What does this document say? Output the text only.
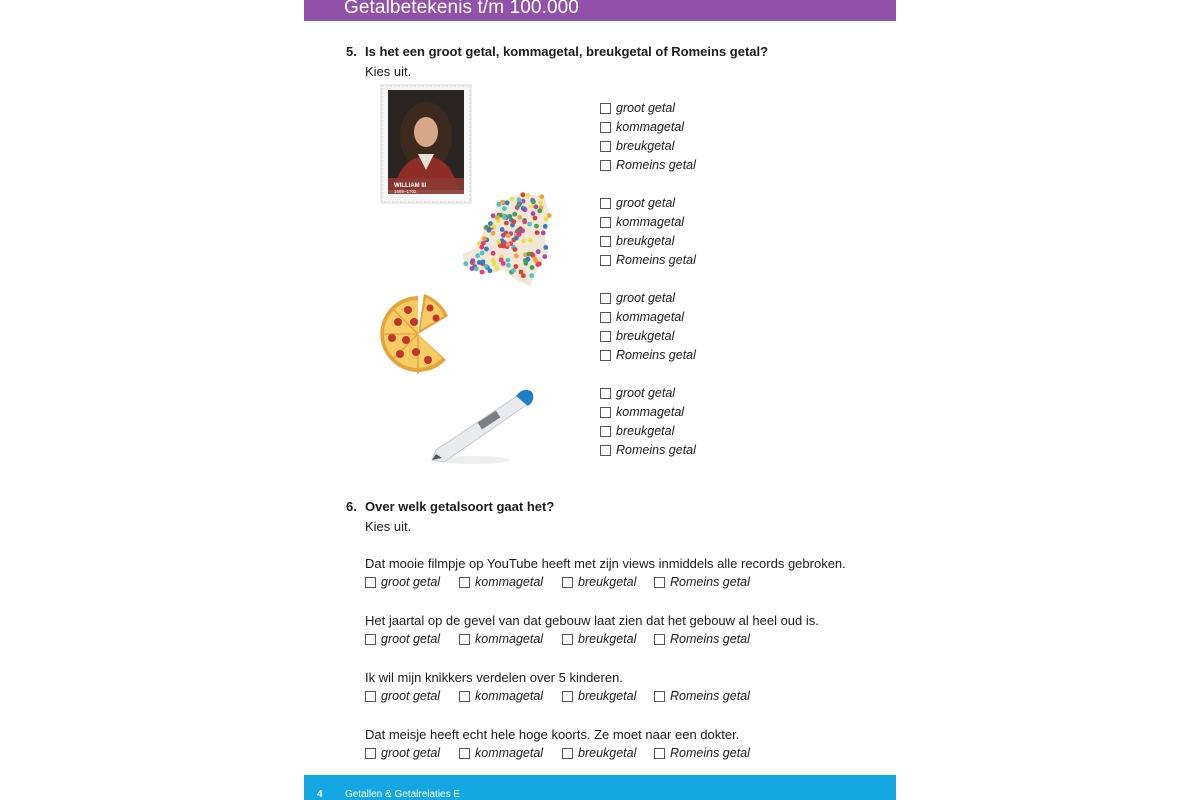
Getalbetekenis t/m 100.000
5. Is het een groot getal, kommagetal, breukgetal of Romeins getal?
Kies uit.
WILLIAM III
1689–1702
groot getal
kommagetal
breukgetal
Romeins getal
groot getal
kommagetal
breukgetal
Romeins getal
groot getal
kommagetal
breukgetal
Romeins getal
groot getal
kommagetal
breukgetal
Romeins getal
6. Over welk getalsoort gaat het?
Kies uit.
Dat mooie filmpje op YouTube heeft met zijn views inmiddels alle records gebroken.
groot getal	kommagetal	breukgetal	Romeins getal
Het jaartal op de gevel van dat gebouw laat zien dat het gebouw al heel oud is.
groot getal	kommagetal	breukgetal	Romeins getal
Ik wil mijn knikkers verdelen over 5 kinderen.
groot getal	kommagetal	breukgetal	Romeins getal
Dat meisje heeft echt hele hoge koorts. Ze moet naar een dokter.
groot getal	kommagetal	breukgetal	Romeins getal
4 Getallen & Getalrelaties E
